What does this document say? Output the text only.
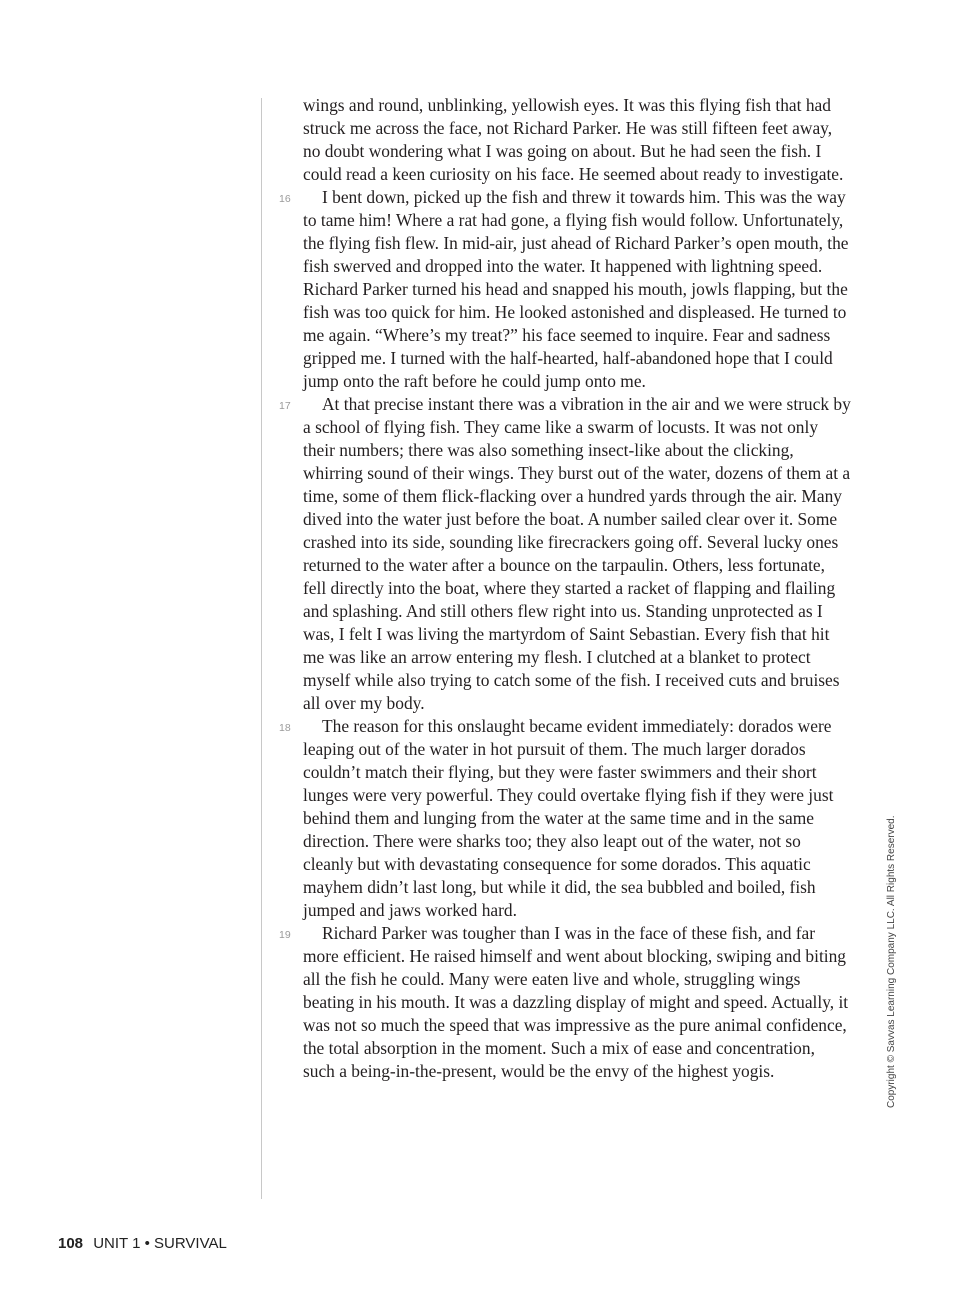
wings and round, unblinking, yellowish eyes. It was this flying fish that had struck me across the face, not Richard Parker. He was still fifteen feet away, no doubt wondering what I was going on about. But he had seen the fish. I could read a keen curiosity on his face. He seemed about ready to investigate.

16 I bent down, picked up the fish and threw it towards him. This was the way to tame him! Where a rat had gone, a flying fish would follow. Unfortunately, the flying fish flew. In mid-air, just ahead of Richard Parker’s open mouth, the fish swerved and dropped into the water. It happened with lightning speed. Richard Parker turned his head and snapped his mouth, jowls flapping, but the fish was too quick for him. He looked astonished and displeased. He turned to me again. “Where’s my treat?” his face seemed to inquire. Fear and sadness gripped me. I turned with the half-hearted, half-abandoned hope that I could jump onto the raft before he could jump onto me.

17 At that precise instant there was a vibration in the air and we were struck by a school of flying fish. They came like a swarm of locusts. It was not only their numbers; there was also something insect-like about the clicking, whirring sound of their wings. They burst out of the water, dozens of them at a time, some of them flick-flacking over a hundred yards through the air. Many dived into the water just before the boat. A number sailed clear over it. Some crashed into its side, sounding like firecrackers going off. Several lucky ones returned to the water after a bounce on the tarpaulin. Others, less fortunate, fell directly into the boat, where they started a racket of flapping and flailing and splashing. And still others flew right into us. Standing unprotected as I was, I felt I was living the martyrdom of Saint Sebastian. Every fish that hit me was like an arrow entering my flesh. I clutched at a blanket to protect myself while also trying to catch some of the fish. I received cuts and bruises all over my body.

18 The reason for this onslaught became evident immediately: dorados were leaping out of the water in hot pursuit of them. The much larger dorados couldn’t match their flying, but they were faster swimmers and their short lunges were very powerful. They could overtake flying fish if they were just behind them and lunging from the water at the same time and in the same direction. There were sharks too; they also leapt out of the water, not so cleanly but with devastating consequence for some dorados. This aquatic mayhem didn’t last long, but while it did, the sea bubbled and boiled, fish jumped and jaws worked hard.

19 Richard Parker was tougher than I was in the face of these fish, and far more efficient. He raised himself and went about blocking, swiping and biting all the fish he could. Many were eaten live and whole, struggling wings beating in his mouth. It was a dazzling display of might and speed. Actually, it was not so much the speed that was impressive as the pure animal confidence, the total absorption in the moment. Such a mix of ease and concentration, such a being-in-the-present, would be the envy of the highest yogis.	Copyright © Savvas Learning Company LLC. All Rights Reserved.
108 UNIT 1 • SURVIVAL
